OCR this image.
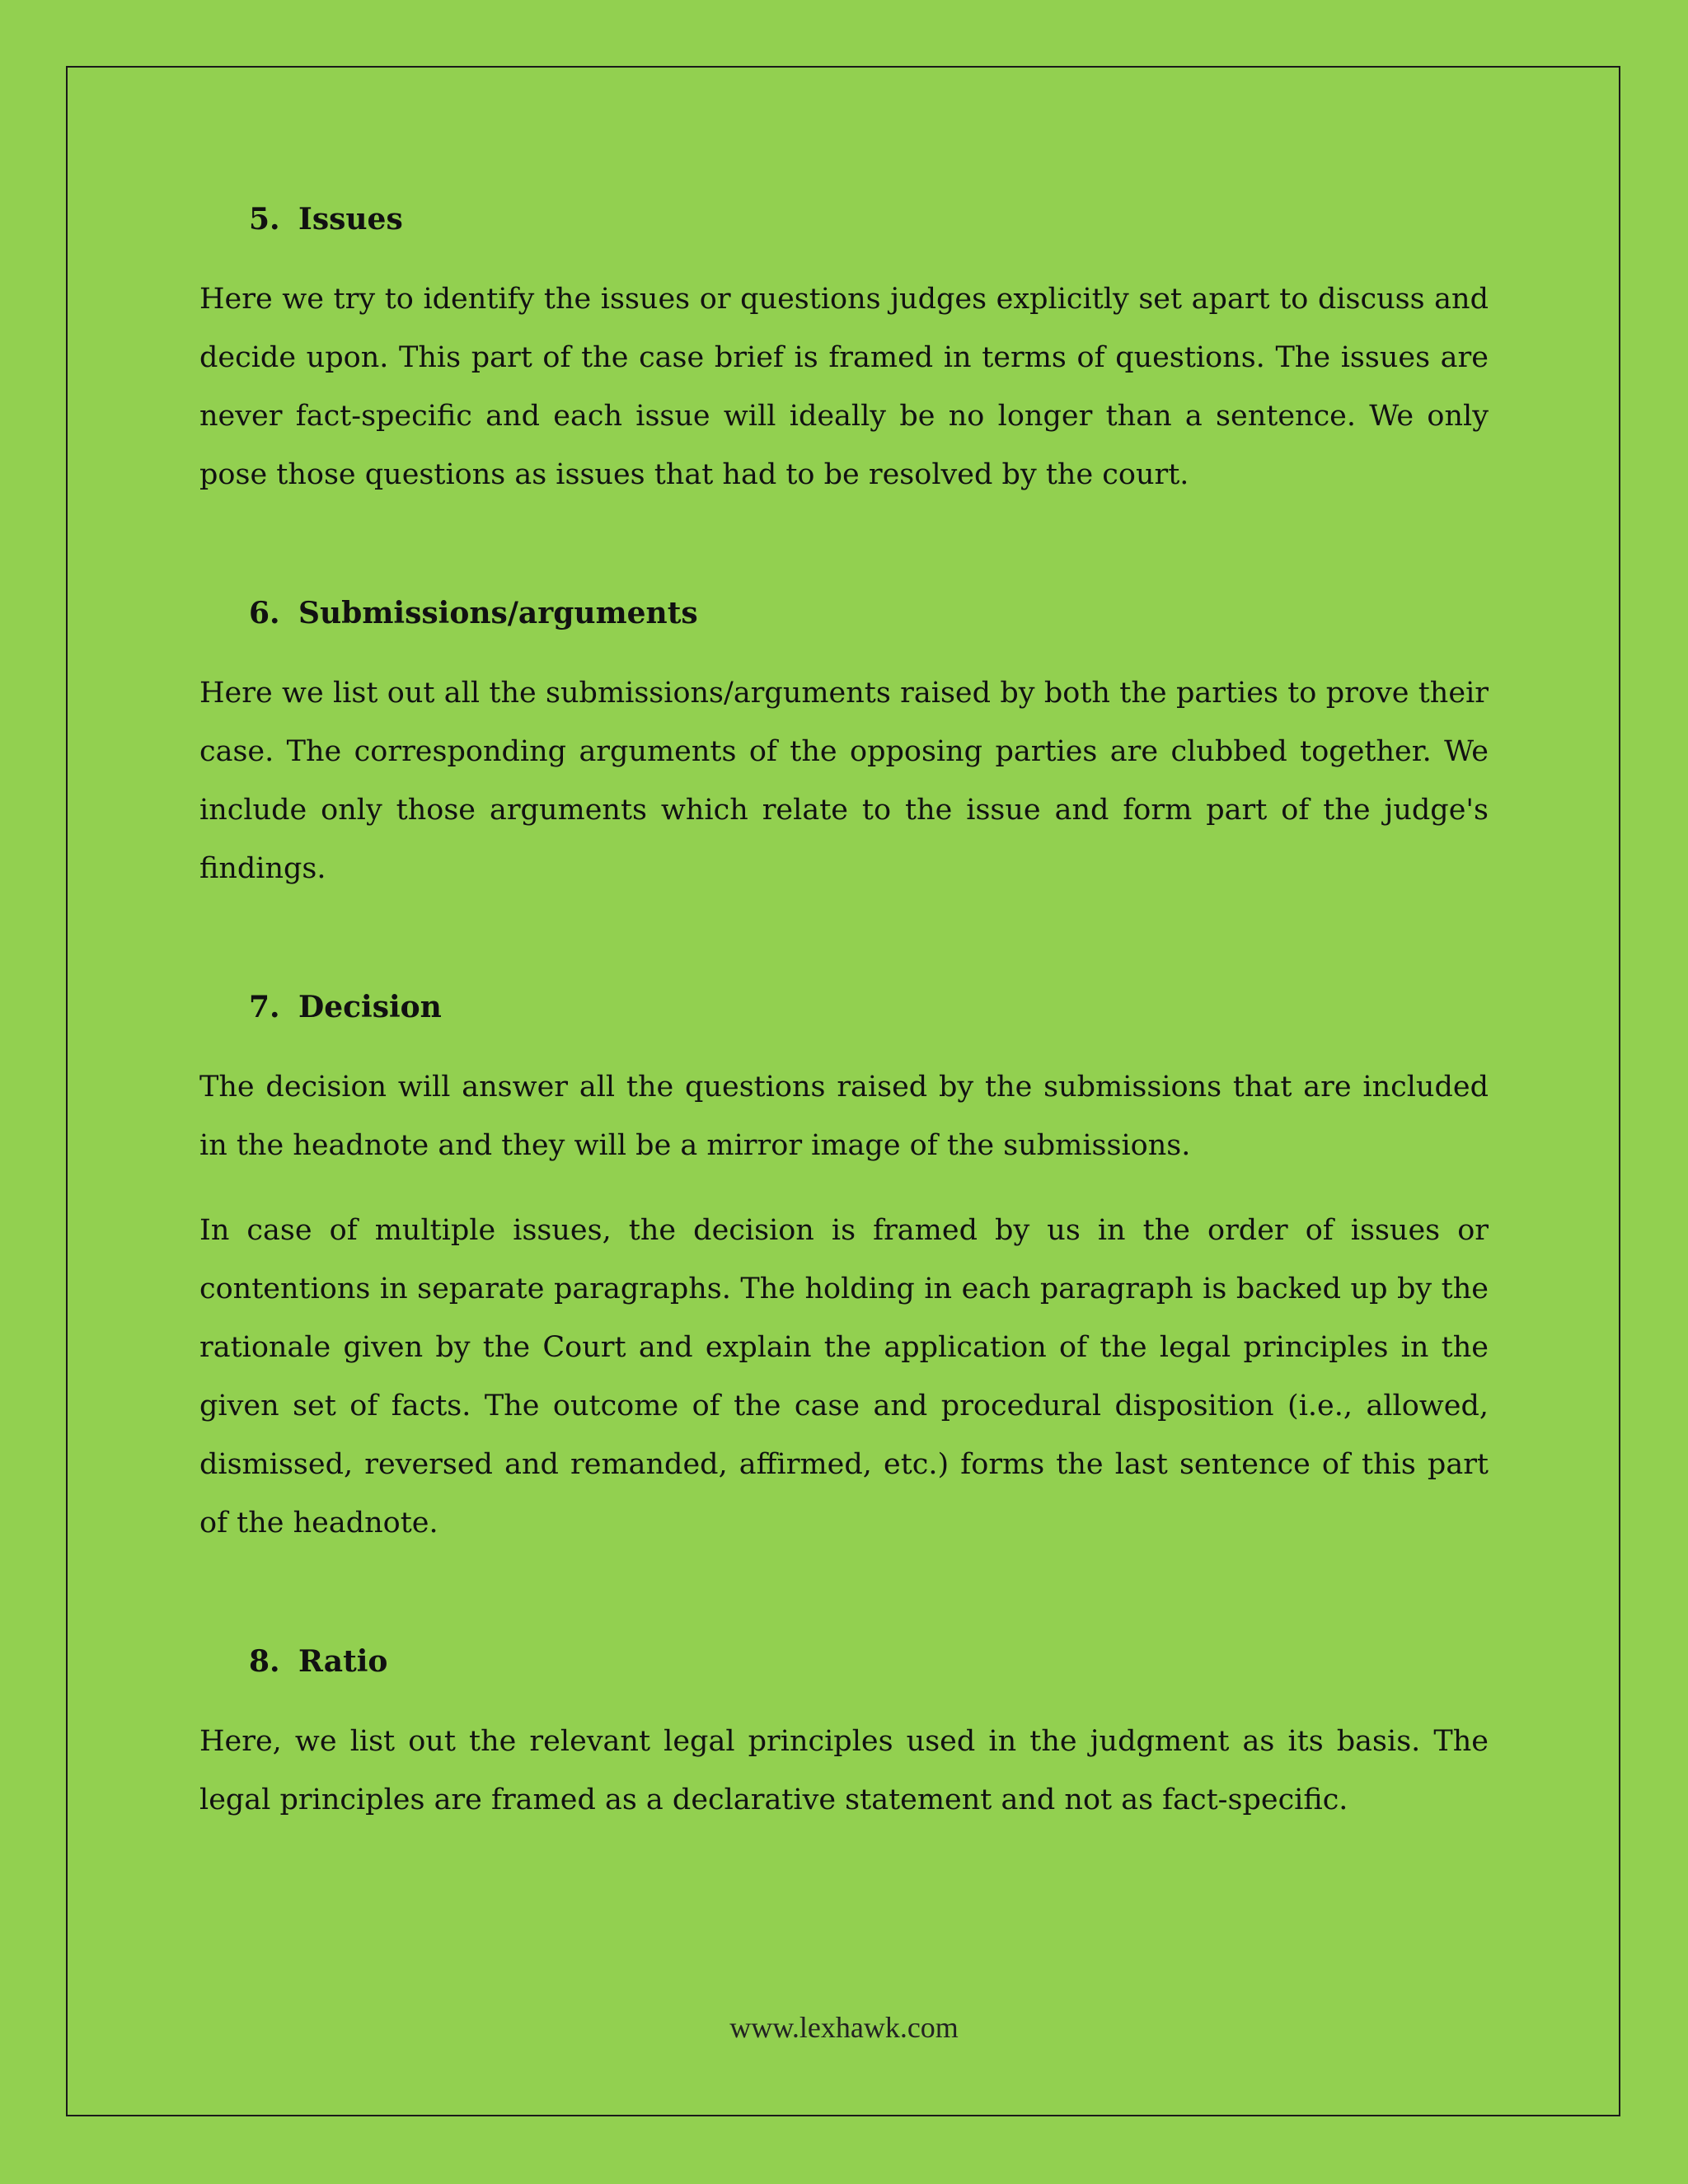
5. Issues

Here we try to identify the issues or questions judges explicitly set apart to discuss and decide upon. This part of the case brief is framed in terms of questions. The issues are never fact-specific and each issue will ideally be no longer than a sentence. We only pose those questions as issues that had to be resolved by the court.

6. Submissions/arguments

Here we list out all the submissions/arguments raised by both the parties to prove their case. The corresponding arguments of the opposing parties are clubbed together. We include only those arguments which relate to the issue and form part of the judge's findings.

7. Decision

The decision will answer all the questions raised by the submissions that are included in the headnote and they will be a mirror image of the submissions.

In case of multiple issues, the decision is framed by us in the order of issues or contentions in separate paragraphs. The holding in each paragraph is backed up by the rationale given by the Court and explain the application of the legal principles in the given set of facts. The outcome of the case and procedural disposition (i.e., allowed, dismissed, reversed and remanded, affirmed, etc.) forms the last sentence of this part of the headnote.

8. Ratio

Here, we list out the relevant legal principles used in the judgment as its basis. The legal principles are framed as a declarative statement and not as fact-specific.

www.lexhawk.com
